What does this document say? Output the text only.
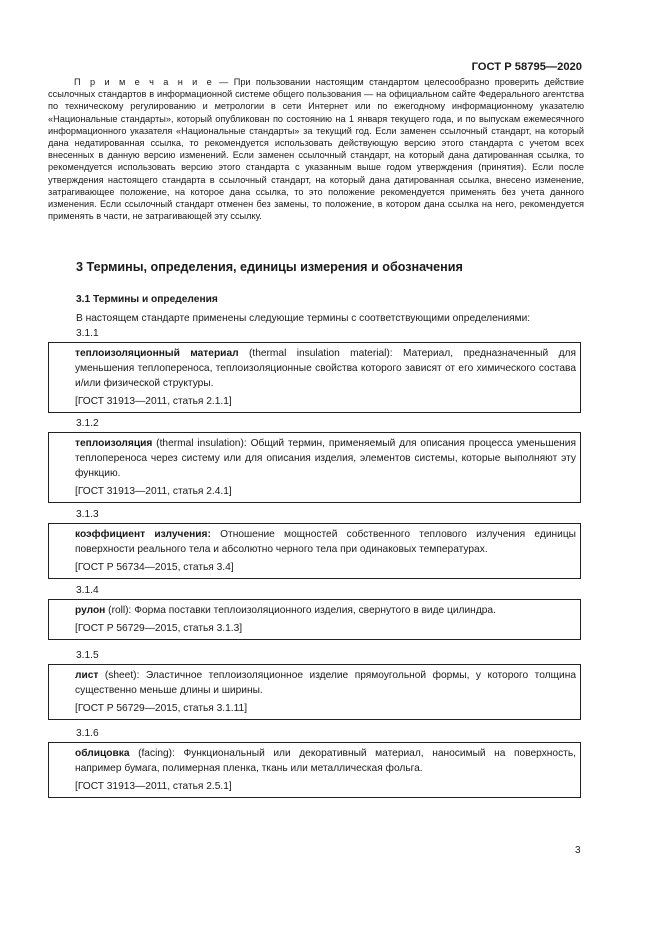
ГОСТ Р 58795—2020
П р и м е ч а н и е — При пользовании настоящим стандартом целесообразно проверить действие ссылочных стандартов в информационной системе общего пользования — на официальном сайте Федерального агентства по техническому регулированию и метрологии в сети Интернет или по ежегодному информационному указателю «Национальные стандарты», который опубликован по состоянию на 1 января текущего года, и по выпускам ежемесячного информационного указателя «Национальные стандарты» за текущий год. Если заменен ссылочный стандарт, на который дана недатированная ссылка, то рекомендуется использовать действующую версию этого стандарта с учетом всех внесенных в данную версию изменений. Если заменен ссылочный стандарт, на который дана датированная ссылка, то рекомендуется использовать версию этого стандарта с указанным выше годом утверждения (принятия). Если после утверждения настоящего стандарта в ссылочный стандарт, на который дана датированная ссылка, внесено изменение, затрагивающее положение, на которое дана ссылка, то это положение рекомендуется применять без учета данного изменения. Если ссылочный стандарт отменен без замены, то положение, в котором дана ссылка на него, рекомендуется применять в части, не затрагивающей эту ссылку.
3 Термины, определения, единицы измерения и обозначения
3.1 Термины и определения
В настоящем стандарте применены следующие термины с соответствующими определениями:
3.1.1
теплоизоляционный материал (thermal insulation material): Материал, предназначенный для уменьшения теплопереноса, теплоизоляционные свойства которого зависят от его химического состава и/или физической структуры.
[ГОСТ 31913—2011, статья 2.1.1]
3.1.2
теплоизоляция (thermal insulation): Общий термин, применяемый для описания процесса уменьшения теплопереноса через систему или для описания изделия, элементов системы, которые выполняют эту функцию.
[ГОСТ 31913—2011, статья 2.4.1]
3.1.3
коэффициент излучения: Отношение мощностей собственного теплового излучения единицы поверхности реального тела и абсолютно черного тела при одинаковых температурах.
[ГОСТ Р 56734—2015, статья 3.4]
3.1.4
рулон (roll): Форма поставки теплоизоляционного изделия, свернутого в виде цилиндра.
[ГОСТ Р 56729—2015, статья 3.1.3]
3.1.5
лист (sheet): Эластичное теплоизоляционное изделие прямоугольной формы, у которого толщина существенно меньше длины и ширины.
[ГОСТ Р 56729—2015, статья 3.1.11]
3.1.6
облицовка (facing): Функциональный или декоративный материал, наносимый на поверхность, например бумага, полимерная пленка, ткань или металлическая фольга.
[ГОСТ 31913—2011, статья 2.5.1]
3
